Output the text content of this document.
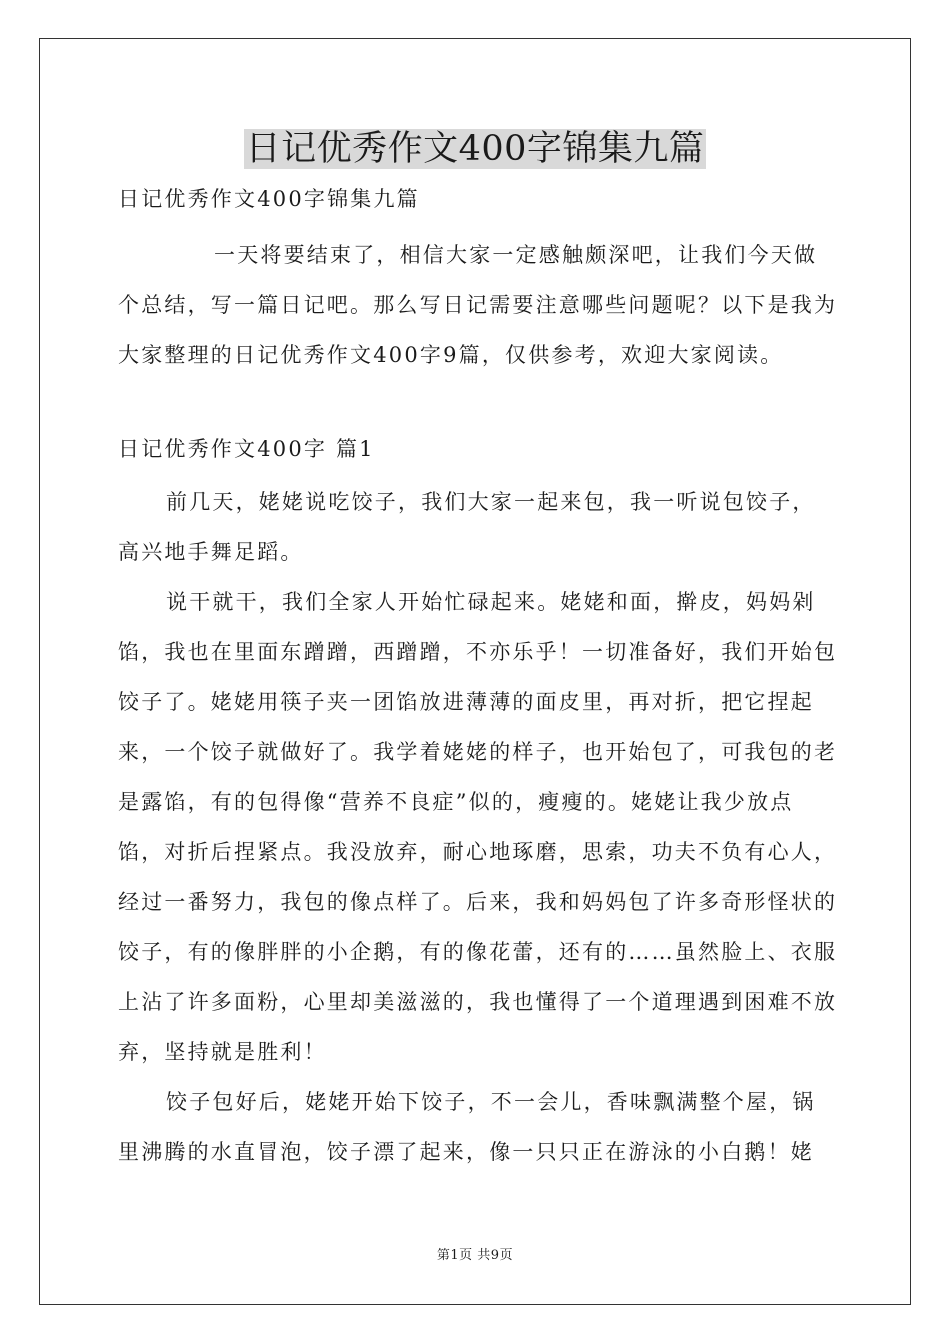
日记优秀作文400字锦集九篇

日记优秀作文400字锦集九篇

一天将要结束了，相信大家一定感触颇深吧，让我们今天做个总结，写一篇日记吧。那么写日记需要注意哪些问题呢？以下是我为大家整理的日记优秀作文400字9篇，仅供参考，欢迎大家阅读。

日记优秀作文400字 篇1

前几天，姥姥说吃饺子，我们大家一起来包，我一听说包饺子，高兴地手舞足蹈。

说干就干，我们全家人开始忙碌起来。姥姥和面，擀皮，妈妈剁馅，我也在里面东蹭蹭，西蹭蹭，不亦乐乎！一切准备好，我们开始包饺子了。姥姥用筷子夹一团馅放进薄薄的面皮里，再对折，把它捏起来，一个饺子就做好了。我学着姥姥的样子，也开始包了，可我包的老是露馅，有的包得像“营养不良症”似的，瘦瘦的。姥姥让我少放点馅，对折后捏紧点。我没放弃，耐心地琢磨，思索，功夫不负有心人，经过一番努力，我包的像点样了。后来，我和妈妈包了许多奇形怪状的饺子，有的像胖胖的小企鹅，有的像花蕾，还有的……虽然脸上、衣服上沾了许多面粉，心里却美滋滋的，我也懂得了一个道理遇到困难不放弃，坚持就是胜利！

饺子包好后，姥姥开始下饺子，不一会儿，香味飘满整个屋，锅里沸腾的水直冒泡，饺子漂了起来，像一只只正在游泳的小白鹅！姥

第1页 共9页
